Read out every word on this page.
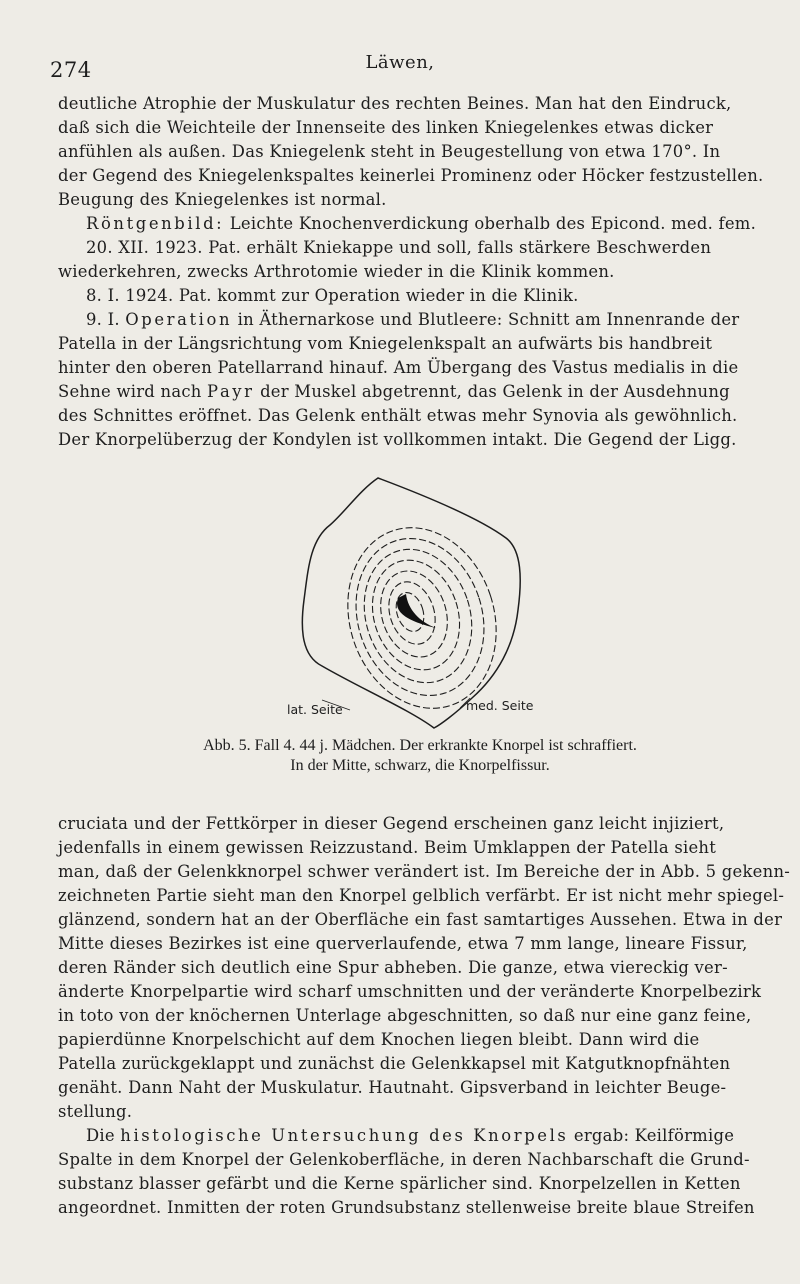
274	Läwen,
deutliche Atrophie der Muskulatur des rechten Beines. Man hat den Eindruck,
daß sich die Weichteile der Innenseite des linken Kniegelenkes etwas dicker
anfühlen als außen. Das Kniegelenk steht in Beugestellung von etwa 170°. In
der Gegend des Kniegelenkspaltes keinerlei Prominenz oder Höcker festzustellen.
Beugung des Kniegelenkes ist normal.
Röntgenbild: Leichte Knochenverdickung oberhalb des Epicond. med. fem.
20. XII. 1923. Pat. erhält Kniekappe und soll, falls stärkere Beschwerden
wiederkehren, zwecks Arthrotomie wieder in die Klinik kommen.
8. I. 1924. Pat. kommt zur Operation wieder in die Klinik.
9. I. Operation in Äthernarkose und Blutleere: Schnitt am Innenrande der
Patella in der Längsrichtung vom Kniegelenkspalt an aufwärts bis handbreit
hinter den oberen Patellarrand hinauf. Am Übergang des Vastus medialis in die
Sehne wird nach Payr der Muskel abgetrennt, das Gelenk in der Ausdehnung
des Schnittes eröffnet. Das Gelenk enthält etwas mehr Synovia als gewöhnlich.
Der Knorpelüberzug der Kondylen ist vollkommen intakt. Die Gegend der Ligg.
lat. Seite	med. Seite
Abb. 5. Fall 4. 44 j. Mädchen. Der erkrankte Knorpel ist schraffiert.
In der Mitte, schwarz, die Knorpelfissur.
cruciata und der Fettkörper in dieser Gegend erscheinen ganz leicht injiziert,
jedenfalls in einem gewissen Reizzustand. Beim Umklappen der Patella sieht
man, daß der Gelenkknorpel schwer verändert ist. Im Bereiche der in Abb. 5 gekenn-
zeichneten Partie sieht man den Knorpel gelblich verfärbt. Er ist nicht mehr spiegel-
glänzend, sondern hat an der Oberfläche ein fast samtartiges Aussehen. Etwa in der
Mitte dieses Bezirkes ist eine querverlaufende, etwa 7 mm lange, lineare Fissur,
deren Ränder sich deutlich eine Spur abheben. Die ganze, etwa viereckig ver-
änderte Knorpelpartie wird scharf umschnitten und der veränderte Knorpelbezirk
in toto von der knöchernen Unterlage abgeschnitten, so daß nur eine ganz feine,
papierdünne Knorpelschicht auf dem Knochen liegen bleibt. Dann wird die
Patella zurückgeklappt und zunächst die Gelenkkapsel mit Katgutknopfnähten
genäht. Dann Naht der Muskulatur. Hautnaht. Gipsverband in leichter Beuge-
stellung.
Die histologische Untersuchung des Knorpels ergab: Keilförmige
Spalte in dem Knorpel der Gelenkoberfläche, in deren Nachbarschaft die Grund-
substanz blasser gefärbt und die Kerne spärlicher sind. Knorpelzellen in Ketten
angeordnet. Inmitten der roten Grundsubstanz stellenweise breite blaue Streifen
